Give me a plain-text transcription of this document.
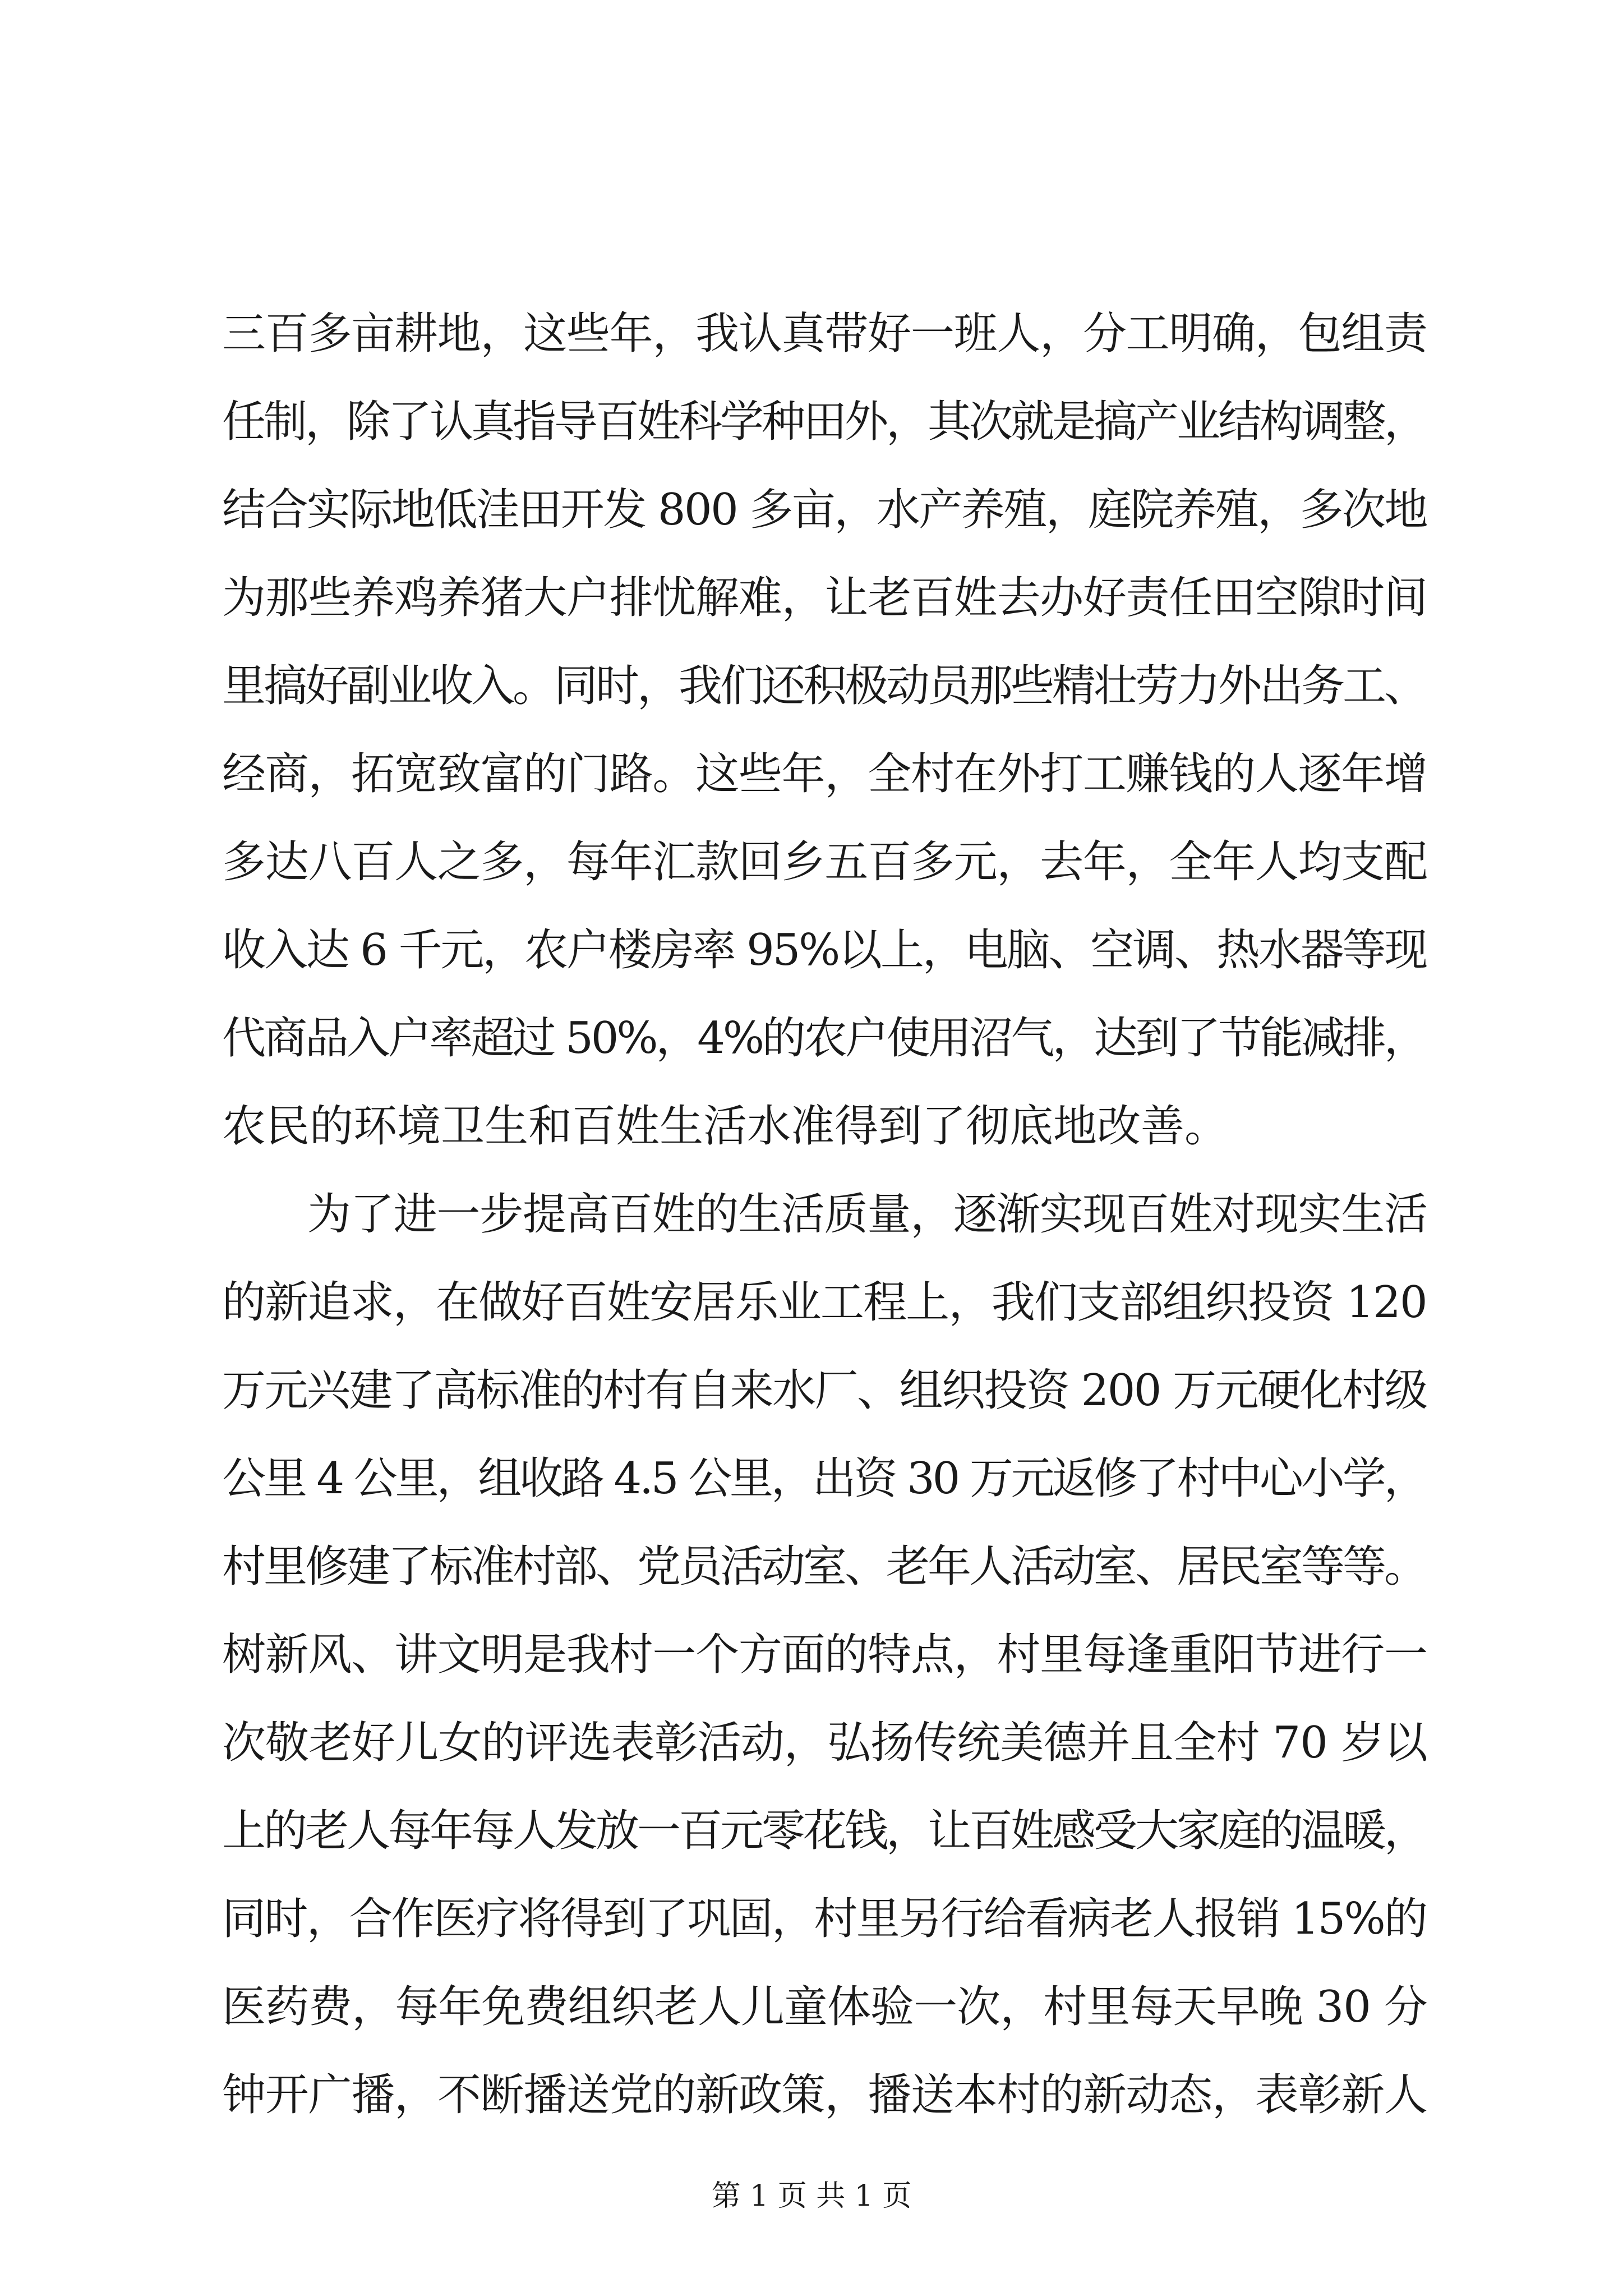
三百多亩耕地，这些年，我认真带好一班人，分工明确，包组责
任制，除了认真指导百姓科学种田外，其次就是搞产业结构调整，
结合实际地低洼田开发 800 多亩，水产养殖，庭院养殖，多次地
为那些养鸡养猪大户排忧解难，让老百姓去办好责任田空隙时间
里搞好副业收入。同时，我们还积极动员那些精壮劳力外出务工、
经商，拓宽致富的门路。这些年，全村在外打工赚钱的人逐年增
多达八百人之多，每年汇款回乡五百多元，去年，全年人均支配
收入达 6 千元，农户楼房率 95%以上，电脑、空调、热水器等现
代商品入户率超过 50%，4%的农户使用沼气，达到了节能减排，
农民的环境卫生和百姓生活水准得到了彻底地改善。
为了进一步提高百姓的生活质量，逐渐实现百姓对现实生活
的新追求，在做好百姓安居乐业工程上，我们支部组织投资 120
万元兴建了高标准的村有自来水厂、组织投资 200 万元硬化村级
公里 4 公里，组收路 4.5 公里，出资 30 万元返修了村中心小学，
村里修建了标准村部、党员活动室、老年人活动室、居民室等等。
树新风、讲文明是我村一个方面的特点，村里每逢重阳节进行一
次敬老好儿女的评选表彰活动，弘扬传统美德并且全村 70 岁以
上的老人每年每人发放一百元零花钱，让百姓感受大家庭的温暖，
同时，合作医疗将得到了巩固，村里另行给看病老人报销 15%的
医药费，每年免费组织老人儿童体验一次，村里每天早晚 30 分
钟开广播，不断播送党的新政策，播送本村的新动态，表彰新人
第 1 页 共 1 页
